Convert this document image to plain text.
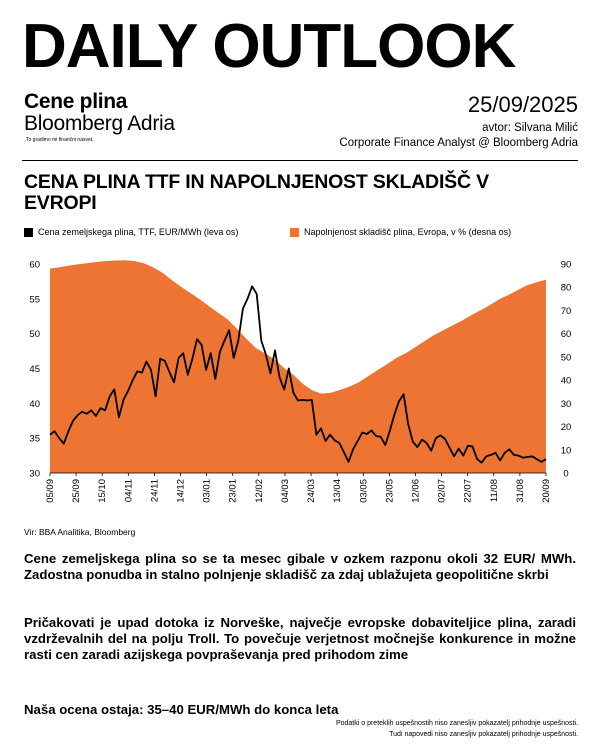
DAILY OUTLOOK
Cene plina
Bloomberg Adria
To gradimo mi finančni nasvet.
25/09/2025
avtor: Silvana Milić
Corporate Finance Analyst @ Bloomberg Adria
CENA PLINA TTF IN NAPOLNJENOST SKLADIŠČ V EVROPI
Cena zemeljskega plina, TTF, EUR/MWh (leva os)	Napolnjenost skladišč plina, Evropa, v % (desna os)
30
35
40
45
50
55
60
0
10
20
30
40
50
60
70
80
90
05/09 25/09 15/10 04/11 24/11 14/12 03/01 23/01 12/02 04/03 24/03 13/04 03/05 23/05 12/06 02/07 22/07 11/08 31/08 20/09
Vir: BBA Analitika, Bloomberg
Cene zemeljskega plina so se ta mesec gibale v ozkem razponu okoli 32 EUR/ MWh. Zadostna ponudba in stalno polnjenje skladišč za zdaj ublažujeta geopolitične skrbi
Pričakovati je upad dotoka iz Norveške, največje evropske dobaviteljice plina, zaradi vzdrževalnih del na polju Troll. To povečuje verjetnost močnejše konkurence in možne rasti cen zaradi azijskega povpraševanja pred prihodom zime
Naša ocena ostaja: 35–40 EUR/MWh do konca leta
Podatki o preteklih uspešnostih niso zanesljiv pokazatelj prihodnje uspešnosti.
Tudi napovedi niso zanesljiv pokazatelj prihodnje uspešnosti.
